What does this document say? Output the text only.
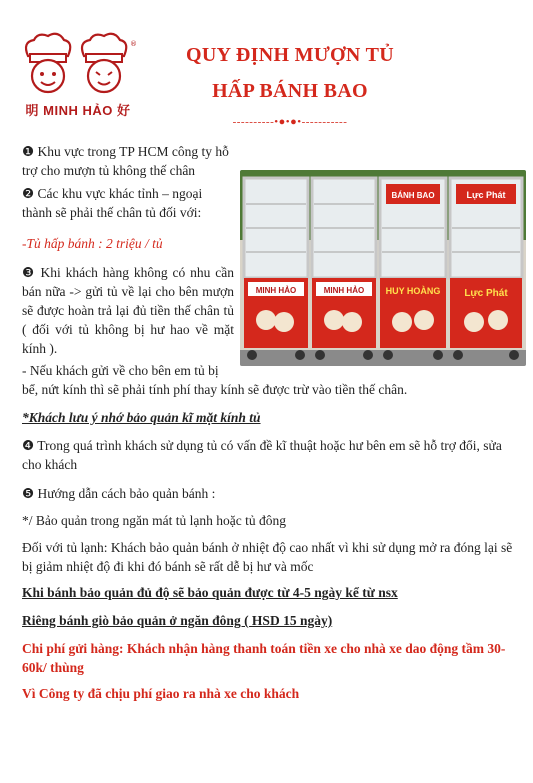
®
明 MINH HẢO 好
QUY ĐỊNH MƯỢN TỦ
HẤP BÁNH BAO
----------•●•●•-----------
MINH HẢO	MINH HẢO
BÁNH BAO
HUY HOÀNG
Lực Phát
Lực Phát

❶ Khu vực trong TP HCM công ty hỗ trợ cho mượn tủ không thế chân

❷ Các khu vực khác tỉnh – ngoại thành sẽ phải thế chân tủ đối với:

-Tủ hấp bánh : 2 triệu / tủ

❸ Khi khách hàng không có nhu cần bán nữa -> gửi tủ về lại cho bên mượn sẽ được hoàn trả lại đủ tiền thế chân tủ ( đối với tủ không bị hư hao về mặt kính ).

- Nếu khách gửi về cho bên em tủ bị

bể, nứt kính thì sẽ phải tính phí thay kính sẽ được trừ vào tiền thế chân.

*Khách lưu ý nhớ bảo quản kĩ mặt kính tủ

❹ Trong quá trình khách sử dụng tủ có vấn đề kĩ thuật hoặc hư bên em sẽ hỗ trợ đổi, sửa cho khách

❺ Hướng dẫn cách bảo quản bánh :

*/ Bảo quản trong ngăn mát tủ lạnh hoặc tủ đông

Đối với tủ lạnh: Khách bảo quản bánh ở nhiệt độ cao nhất vì khi sử dụng mở ra đóng lại sẽ bị giảm nhiệt độ đi khi đó bánh sẽ rất dễ bị hư và mốc

Khi bánh bảo quản đủ độ sẽ bảo quản được từ 4-5 ngày kể từ nsx

Riêng bánh giò bảo quản ở ngăn đông ( HSD 15 ngày)

Chi phí gửi hàng: Khách nhận hàng thanh toán tiền xe cho nhà xe dao động tầm 30-60k/ thùng

Vì Công ty đã chịu phí giao ra nhà xe cho khách
